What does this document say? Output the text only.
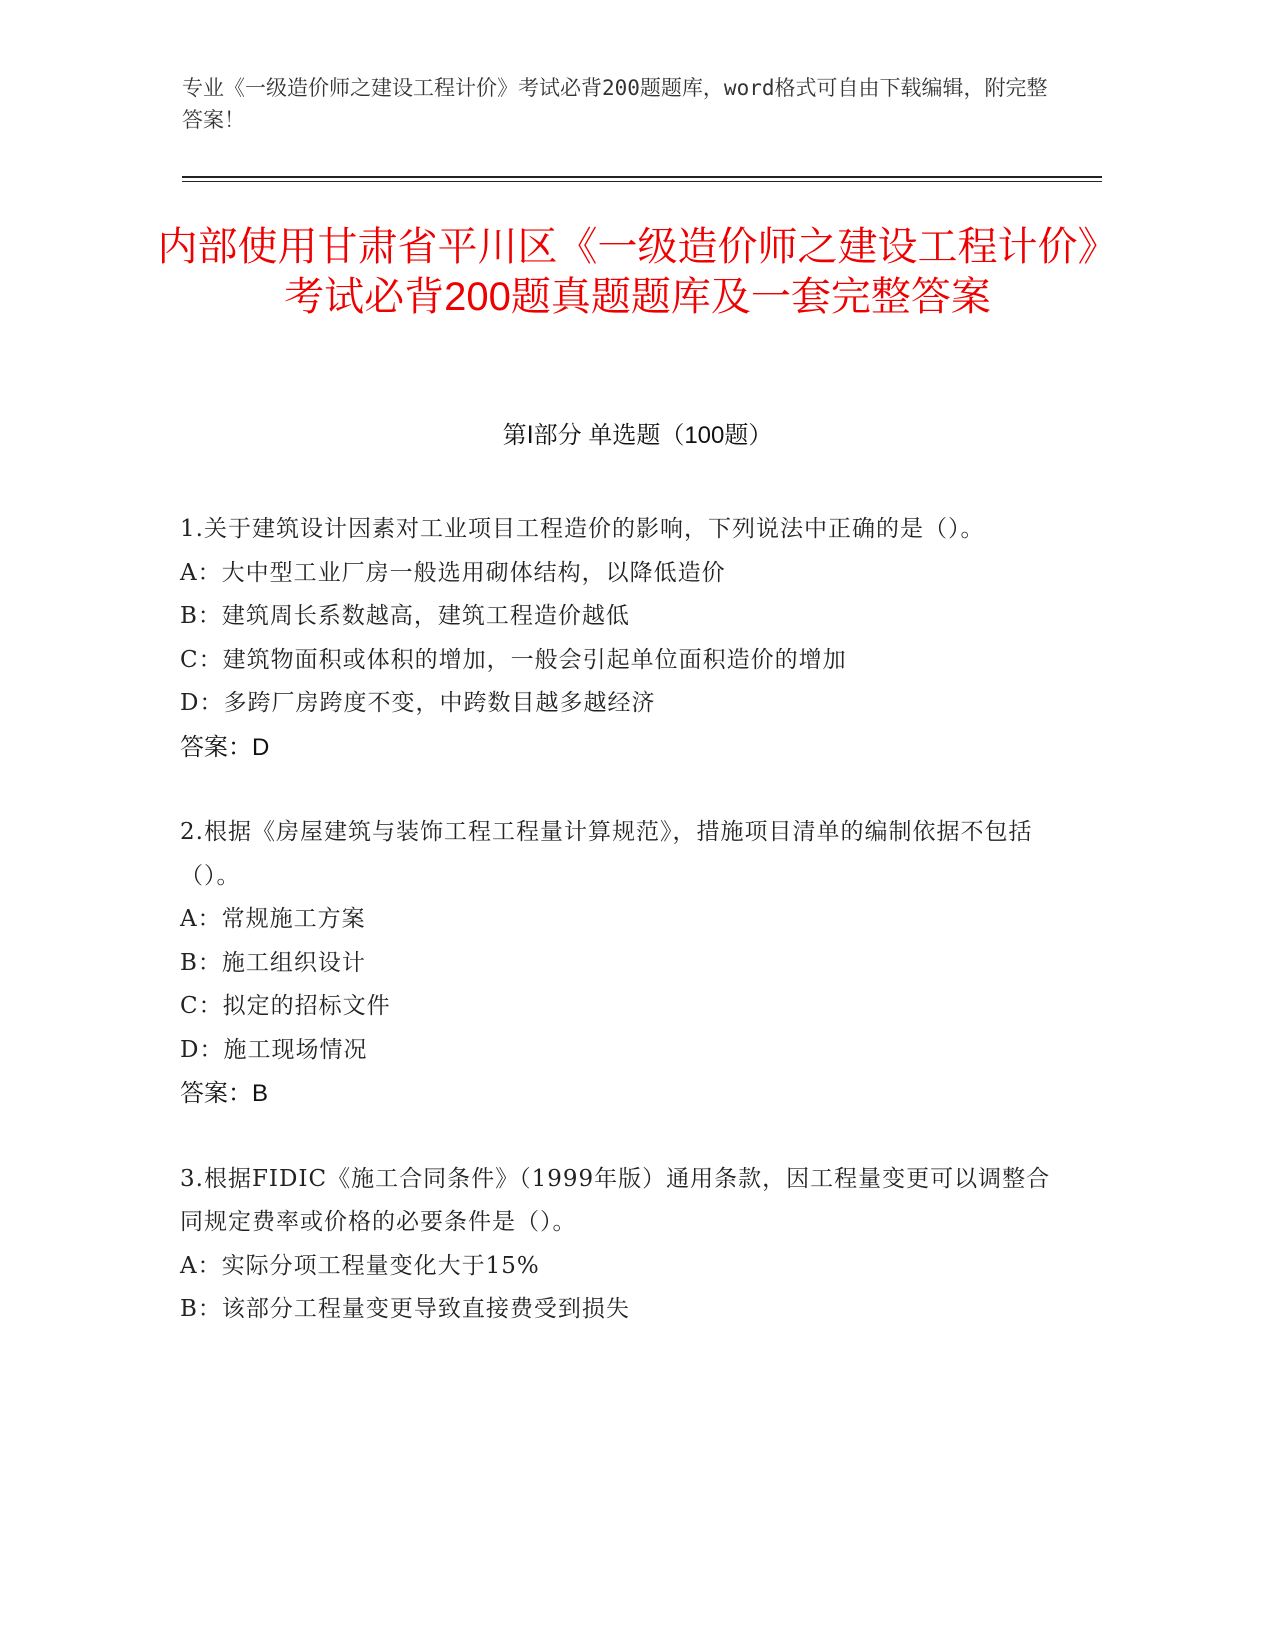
专业《一级造价师之建设工程计价》考试必背200题题库，word格式可自由下载编辑，附完整答案！
内部使用甘肃省平川区《一级造价师之建设工程计价》考试必背200题真题题库及一套完整答案
第Ⅰ部分 单选题（100题）
1.关于建筑设计因素对工业项目工程造价的影响，下列说法中正确的是（）。
A：大中型工业厂房一般选用砌体结构，以降低造价
B：建筑周长系数越高，建筑工程造价越低
C：建筑物面积或体积的增加，一般会引起单位面积造价的增加
D：多跨厂房跨度不变，中跨数目越多越经济
答案：D
2.根据《房屋建筑与装饰工程工程量计算规范》，措施项目清单的编制依据不包括（）。
A：常规施工方案
B：施工组织设计
C：拟定的招标文件
D：施工现场情况
答案：B
3.根据FIDIC《施工合同条件》（1999年版）通用条款，因工程量变更可以调整合同规定费率或价格的必要条件是（）。
A：实际分项工程量变化大于15%
B：该部分工程量变更导致直接费受到损失
